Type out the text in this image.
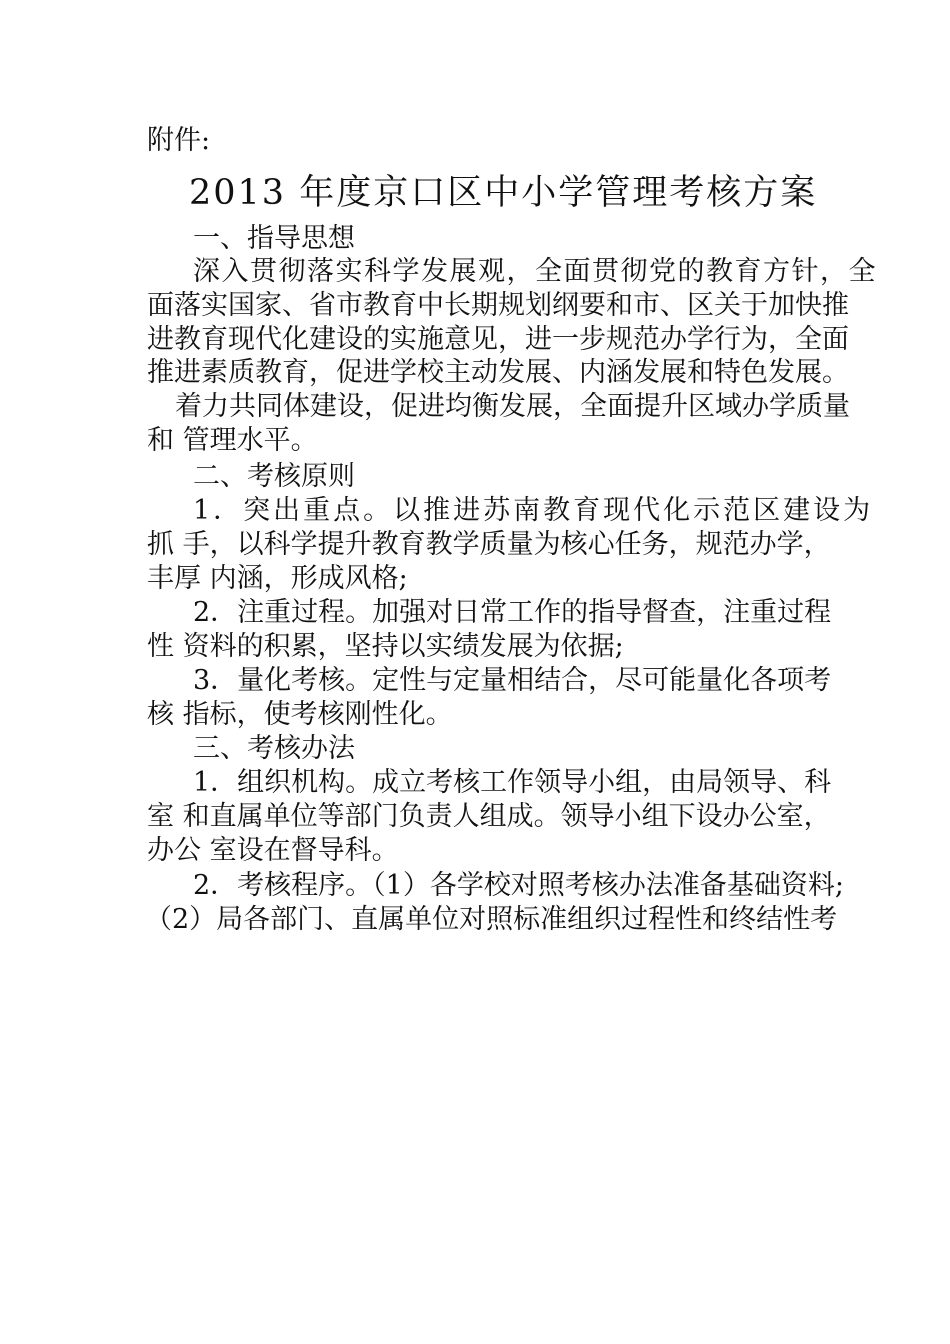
附件:
2013 年度京口区中小学管理考核方案
一、指导思想
深入贯彻落实科学发展观，全面贯彻党的教育方针，全
面落实国家、省市教育中长期规划纲要和市、区关于加快推
进教育现代化建设的实施意见，进一步规范办学行为，全面
推进素质教育，促进学校主动发展、内涵发展和特色发展。
着力共同体建设，促进均衡发展，全面提升区域办学质量
和 管理水平。
二、考核原则
1．突出重点。以推进苏南教育现代化示范区建设为
抓 手，以科学提升教育教学质量为核心任务，规范办学，
丰厚 内涵，形成风格;
2．注重过程。加强对日常工作的指导督查，注重过程
性 资料的积累，坚持以实绩发展为依据;
3．量化考核。定性与定量相结合，尽可能量化各项考
核 指标，使考核刚性化。
三、考核办法
1．组织机构。成立考核工作领导小组，由局领导、科
室 和直属单位等部门负责人组成。领导小组下设办公室，
办公 室设在督导科。
2．考核程序。（1）各学校对照考核办法准备基础资料;
（2）局各部门、直属单位对照标准组织过程性和终结性考
